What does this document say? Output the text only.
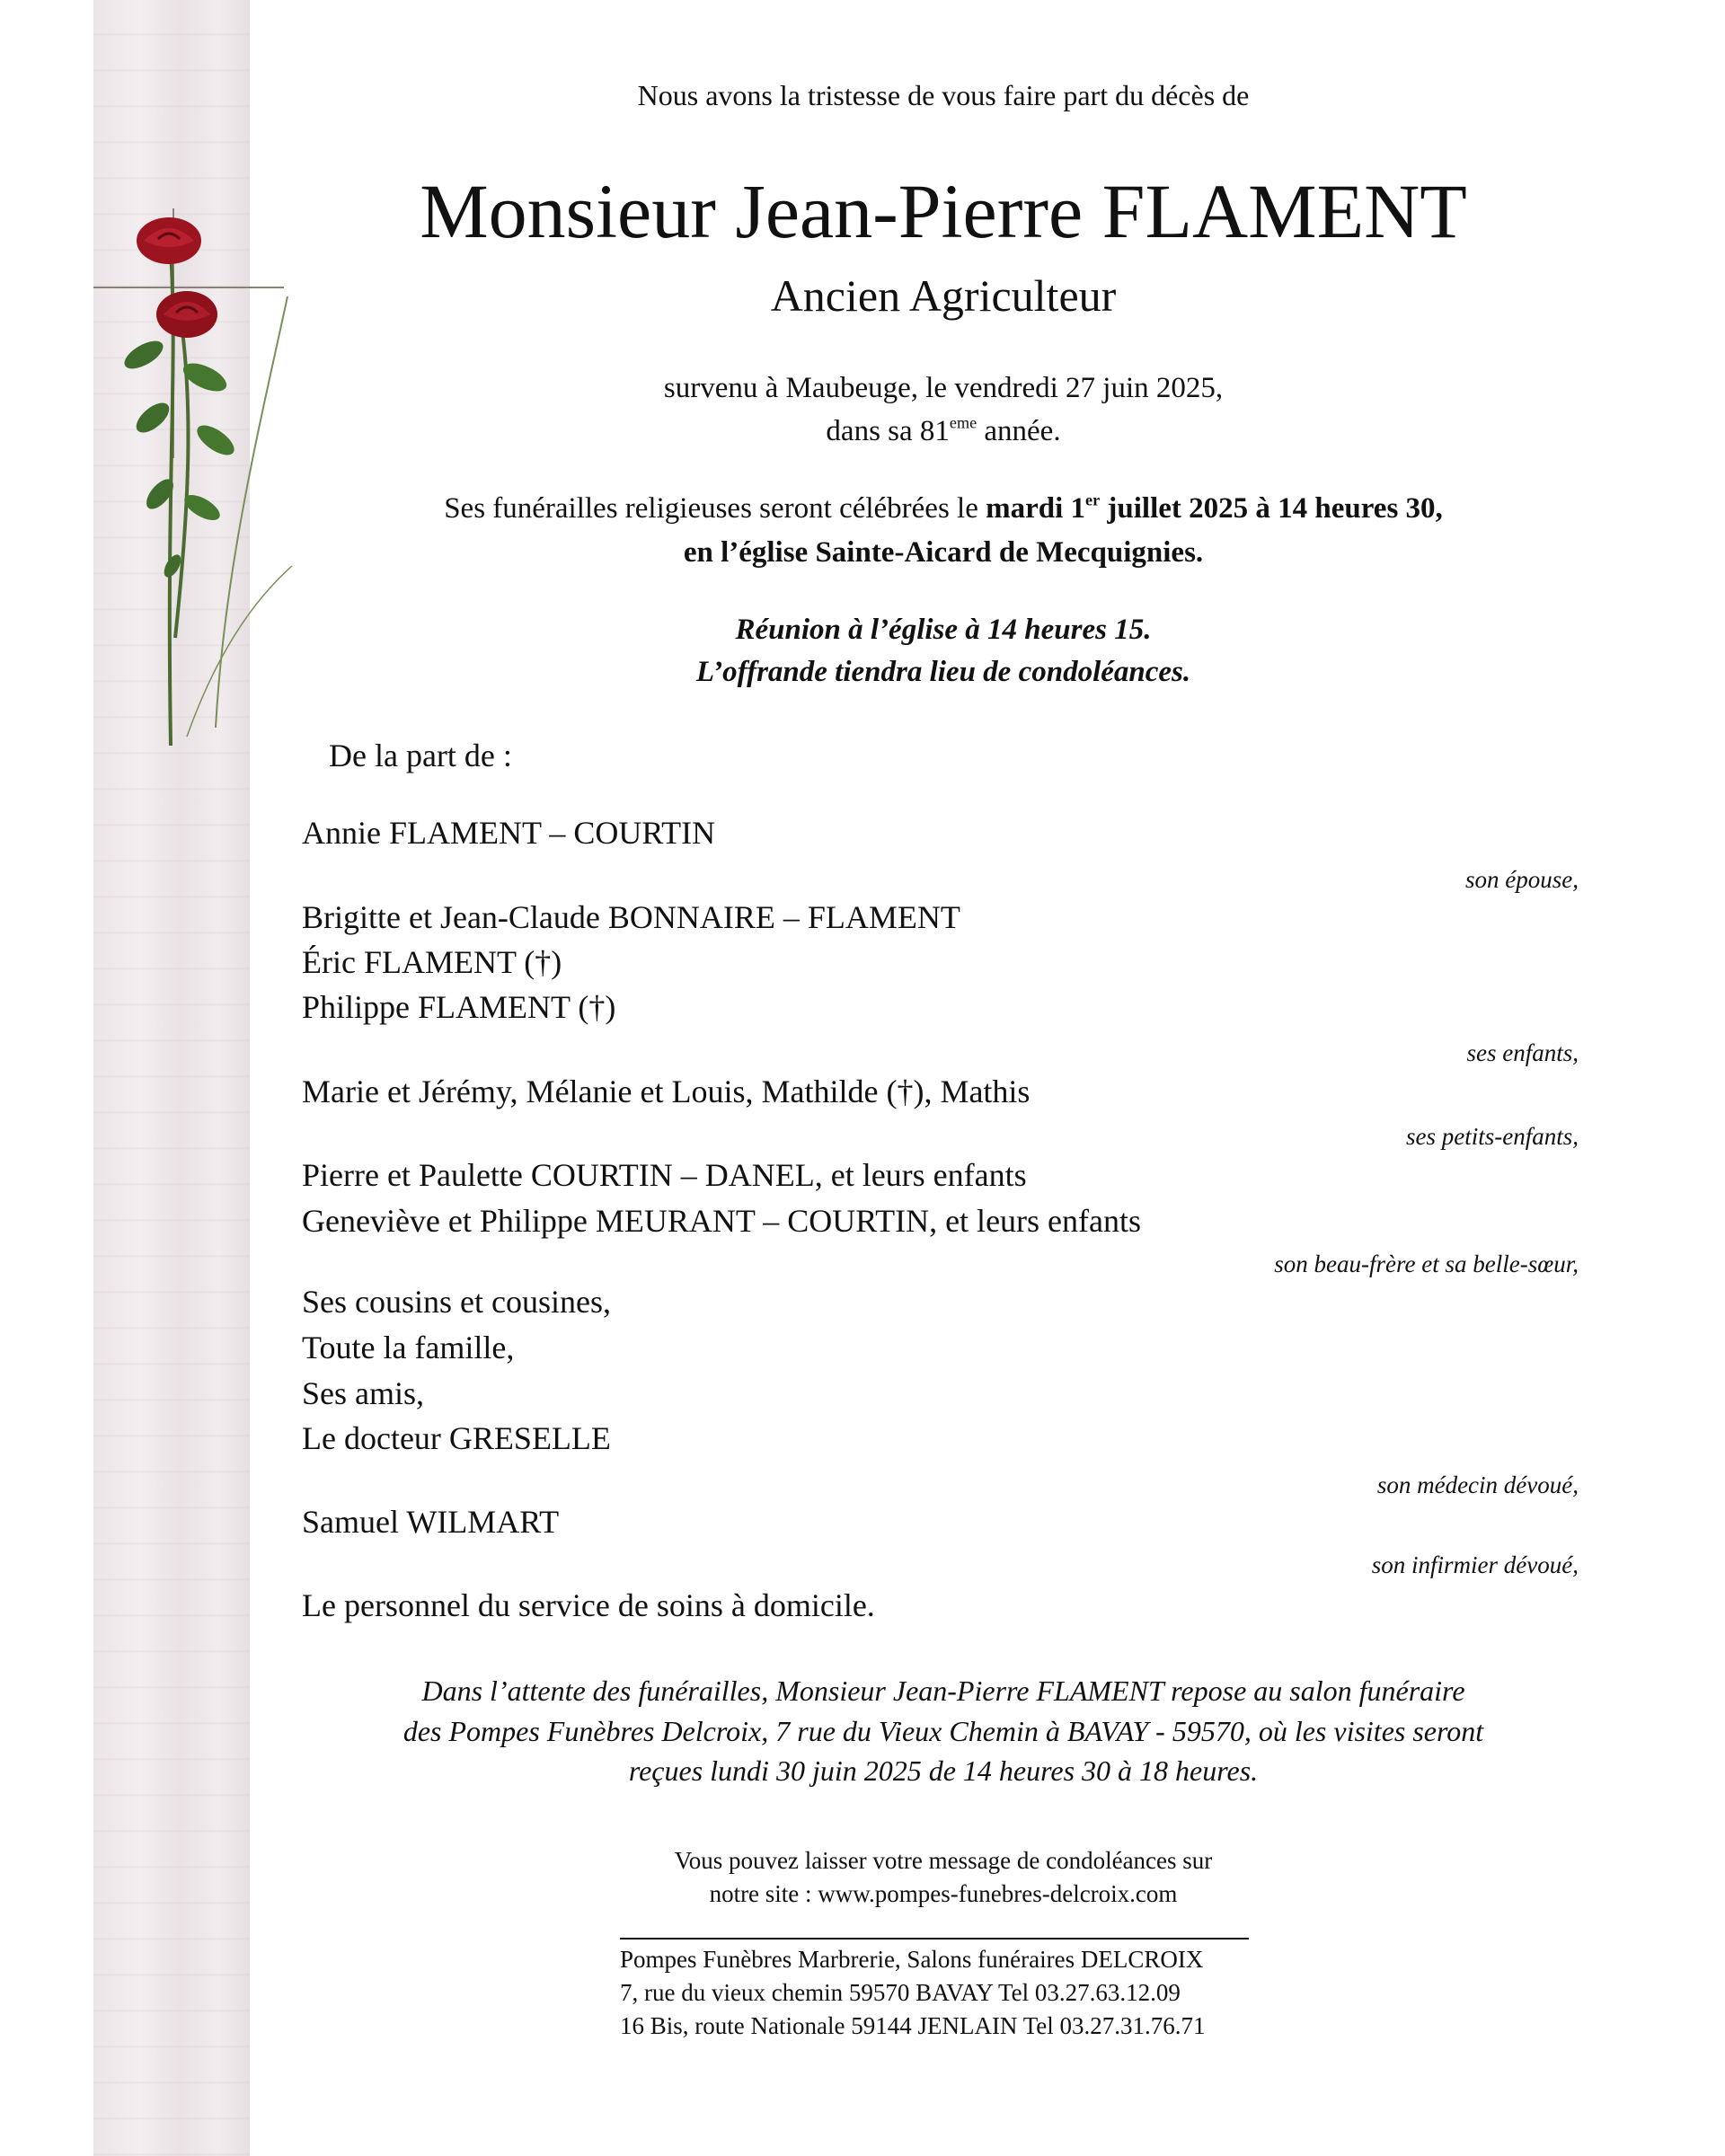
Nous avons la tristesse de vous faire part du décès de
Monsieur Jean-Pierre FLAMENT
Ancien Agriculteur
survenu à Maubeuge, le vendredi 27 juin 2025,
dans sa 81eme année.
Ses funérailles religieuses seront célébrées le mardi 1er juillet 2025 à 14 heures 30,
en l’église Sainte-Aicard de Mecquignies.
Réunion à l’église à 14 heures 15.
L’offrande tiendra lieu de condoléances.
De la part de :
Annie FLAMENT – COURTIN
son épouse,
Brigitte et Jean-Claude BONNAIRE – FLAMENT
Éric FLAMENT (†)
Philippe FLAMENT (†)
ses enfants,
Marie et Jérémy, Mélanie et Louis, Mathilde (†), Mathis
ses petits-enfants,
Pierre et Paulette COURTIN – DANEL, et leurs enfants
Geneviève et Philippe MEURANT – COURTIN, et leurs enfants
son beau-frère et sa belle-sœur,
Ses cousins et cousines,
Toute la famille,
Ses amis,
Le docteur GRESELLE
son médecin dévoué,
Samuel WILMART
son infirmier dévoué,
Le personnel du service de soins à domicile.
Dans l’attente des funérailles, Monsieur Jean-Pierre FLAMENT repose au salon funéraire
des Pompes Funèbres Delcroix, 7 rue du Vieux Chemin à BAVAY - 59570, où les visites seront
reçues lundi 30 juin 2025 de 14 heures 30 à 18 heures.
Vous pouvez laisser votre message de condoléances sur
notre site : www.pompes-funebres-delcroix.com
Pompes Funèbres Marbrerie, Salons funéraires DELCROIX
7, rue du vieux chemin 59570 BAVAY Tel 03.27.63.12.09
16 Bis, route Nationale 59144 JENLAIN Tel 03.27.31.76.71
